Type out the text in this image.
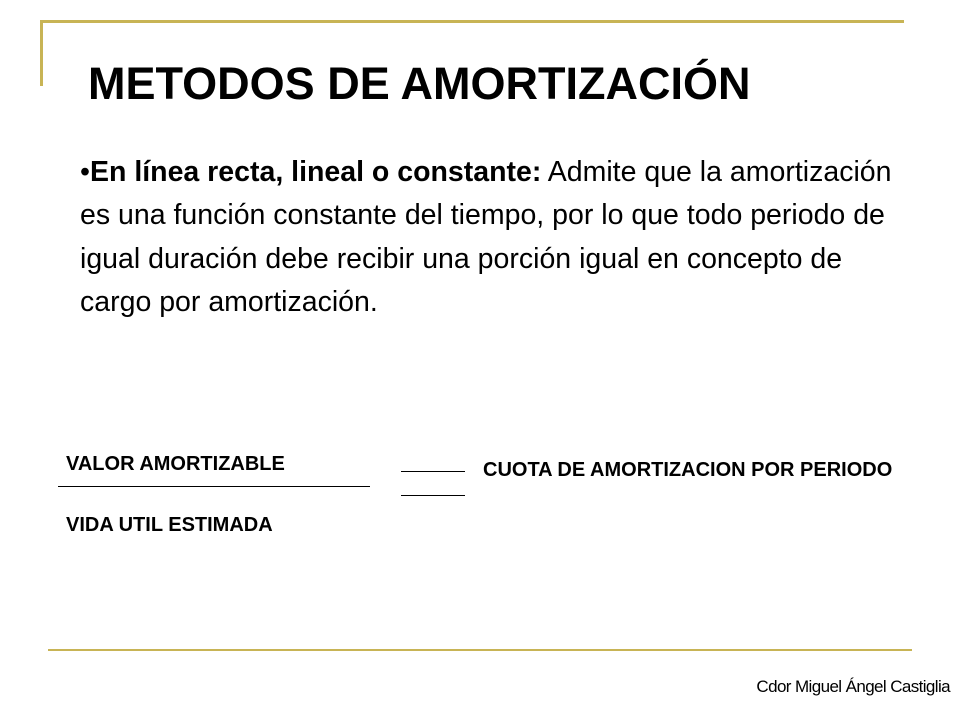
METODOS DE AMORTIZACIÓN

•En línea recta, lineal o constante: Admite que la amortización es una función constante del tiempo, por lo que todo periodo de igual duración debe recibir una porción igual en concepto de cargo por amortización.

VALOR AMORTIZABLE

VIDA UTIL ESTIMADA

CUOTA DE AMORTIZACION POR PERIODO

Cdor Miguel Ángel Castiglia
